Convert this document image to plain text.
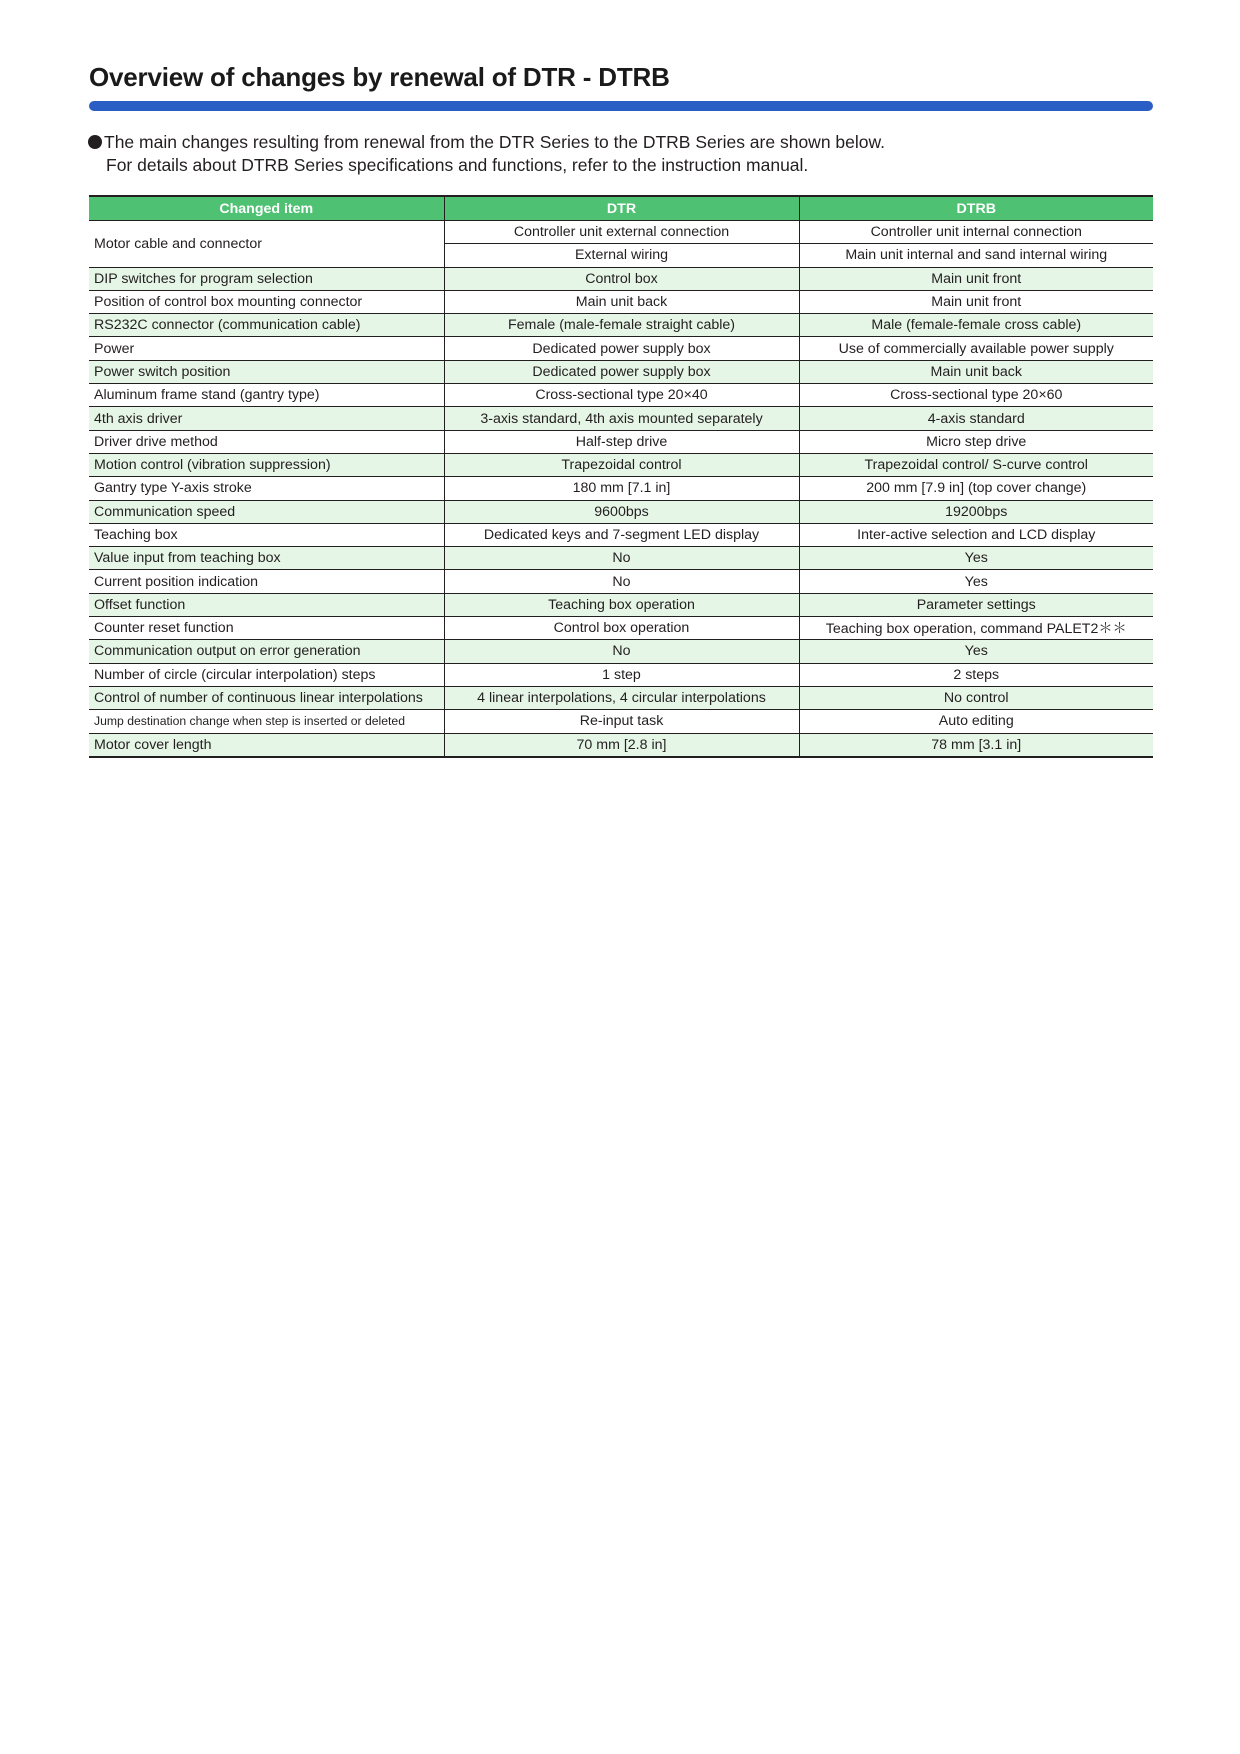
Overview of changes by renewal of DTR - DTRB
The main changes resulting from renewal from the DTR Series to the DTRB Series are shown below.
For details about DTRB Series specifications and functions, refer to the instruction manual.
Changed item	DTR	DTRB
Motor cable and connector	Controller unit external connection	Controller unit internal connection
	External wiring	Main unit internal and sand internal wiring
DIP switches for program selection	Control box	Main unit front
Position of control box mounting connector	Main unit back	Main unit front
RS232C connector (communication cable)	Female (male-female straight cable)	Male (female-female cross cable)
Power	Dedicated power supply box	Use of commercially available power supply
Power switch position	Dedicated power supply box	Main unit back
Aluminum frame stand (gantry type)	Cross-sectional type 20×40	Cross-sectional type 20×60
4th axis driver	3-axis standard, 4th axis mounted separately	4-axis standard
Driver drive method	Half-step drive	Micro step drive
Motion control (vibration suppression)	Trapezoidal control	Trapezoidal control/ S-curve control
Gantry type Y-axis stroke	180 mm [7.1 in]	200 mm [7.9 in] (top cover change)
Communication speed	9600bps	19200bps
Teaching box	Dedicated keys and 7-segment LED display	Inter-active selection and LCD display
Value input from teaching box	No	Yes
Current position indication	No	Yes
Offset function	Teaching box operation	Parameter settings
Counter reset function	Control box operation	Teaching box operation, command PALET2＊＊
Communication output on error generation	No	Yes
Number of circle (circular interpolation) steps	1 step	2 steps
Control of number of continuous linear interpolations	4 linear interpolations, 4 circular interpolations	No control
Jump destination change when step is inserted or deleted	Re-input task	Auto editing
Motor cover length	70 mm [2.8 in]	78 mm [3.1 in]
